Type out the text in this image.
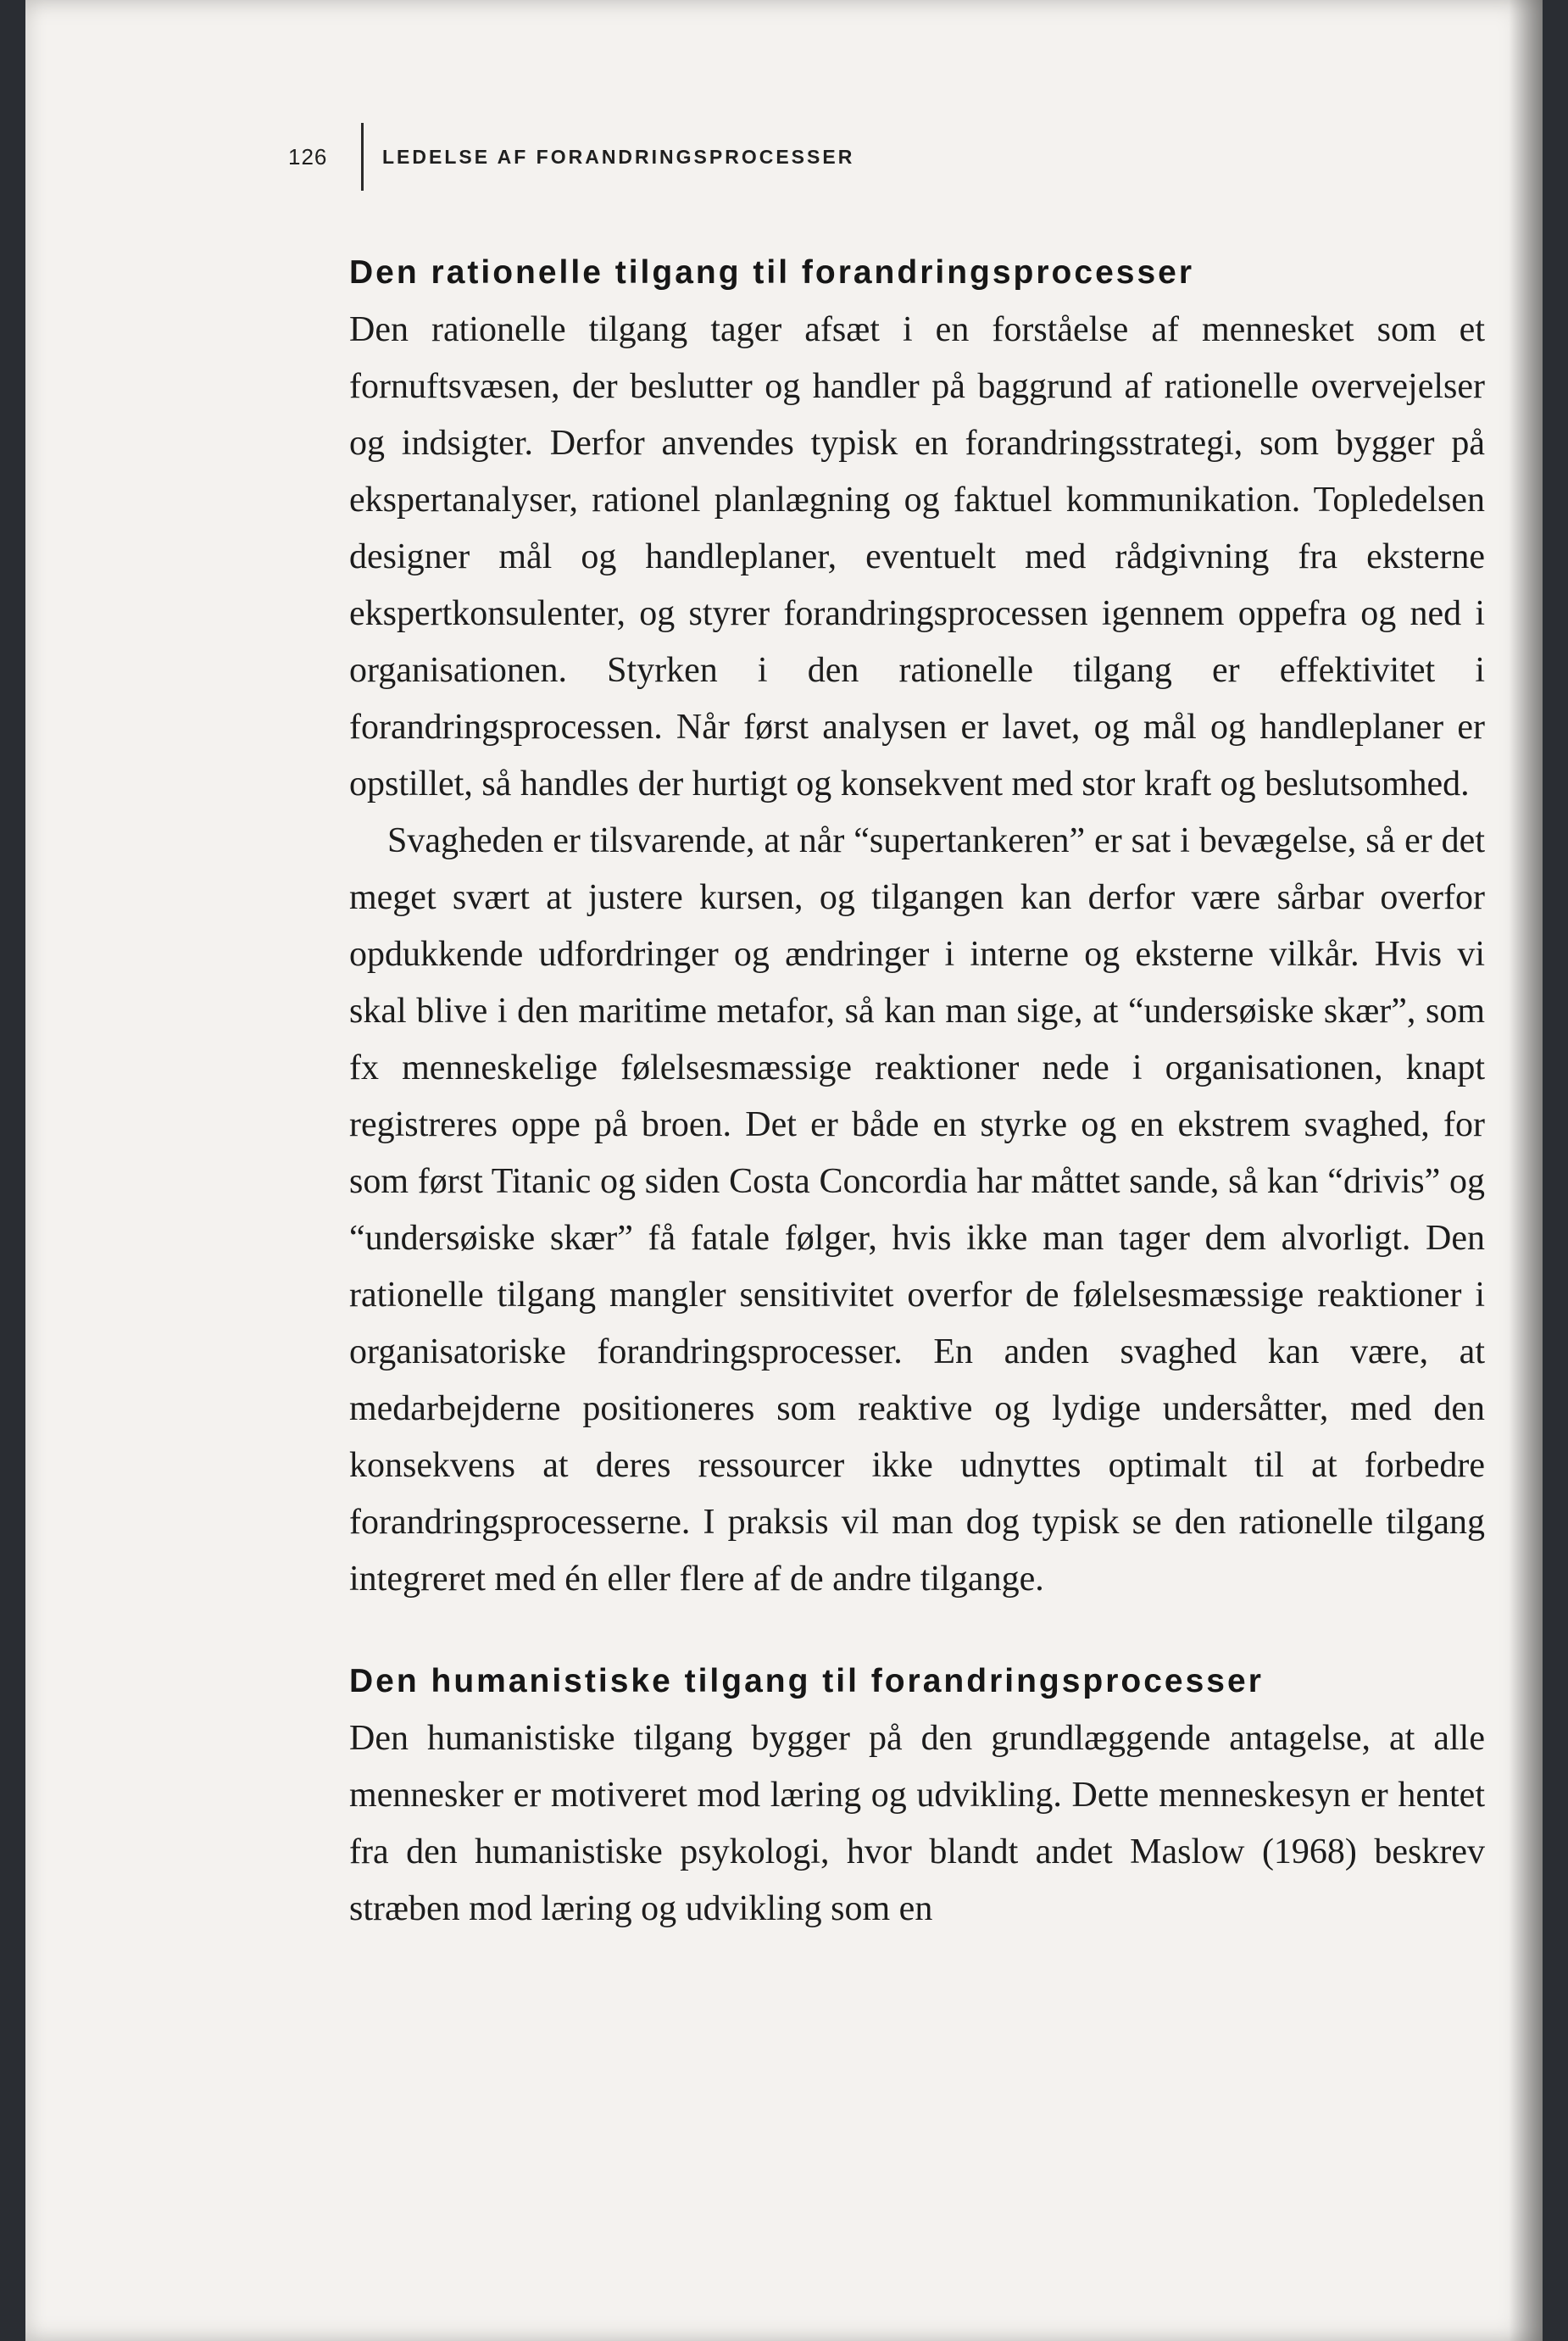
126	LEDELSE AF FORANDRINGSPROCESSER
Den rationelle tilgang til forandringsprocesser

Den rationelle tilgang tager afsæt i en forståelse af mennesket som et fornuftsvæsen, der beslutter og handler på baggrund af rationelle overvejelser og indsigter. Derfor anvendes typisk en forandringsstrategi, som bygger på ekspertanalyser, rationel planlægning og faktuel kommunikation. Topledelsen designer mål og handleplaner, eventuelt med rådgivning fra eksterne ekspertkonsulenter, og styrer forandringsprocessen igennem oppefra og ned i organisationen. Styrken i den rationelle tilgang er effektivitet i forandringsprocessen. Når først analysen er lavet, og mål og handleplaner er opstillet, så handles der hurtigt og konsekvent med stor kraft og beslutsomhed.

Svagheden er tilsvarende, at når “supertankeren” er sat i bevægelse, så er det meget svært at justere kursen, og tilgangen kan derfor være sårbar overfor opdukkende udfordringer og ændringer i interne og eksterne vilkår. Hvis vi skal blive i den maritime metafor, så kan man sige, at “undersøiske skær”, som fx menneskelige følelsesmæssige reaktioner nede i organisationen, knapt registreres oppe på broen. Det er både en styrke og en ekstrem svaghed, for som først Titanic og siden Costa Concordia har måttet sande, så kan “drivis” og “undersøiske skær” få fatale følger, hvis ikke man tager dem alvorligt. Den rationelle tilgang mangler sensitivitet overfor de følelsesmæssige reaktioner i organisatoriske forandringsprocesser. En anden svaghed kan være, at medarbejderne positioneres som reaktive og lydige undersåtter, med den konsekvens at deres ressourcer ikke udnyttes optimalt til at forbedre forandringsprocesserne. I praksis vil man dog typisk se den rationelle tilgang integreret med én eller flere af de andre tilgange.

Den humanistiske tilgang til forandringsprocesser

Den humanistiske tilgang bygger på den grundlæggende antagelse, at alle mennesker er motiveret mod læring og udvikling. Dette menneskesyn er hentet fra den humanistiske psykologi, hvor blandt andet Maslow (1968) beskrev stræben mod læring og udvikling som en
